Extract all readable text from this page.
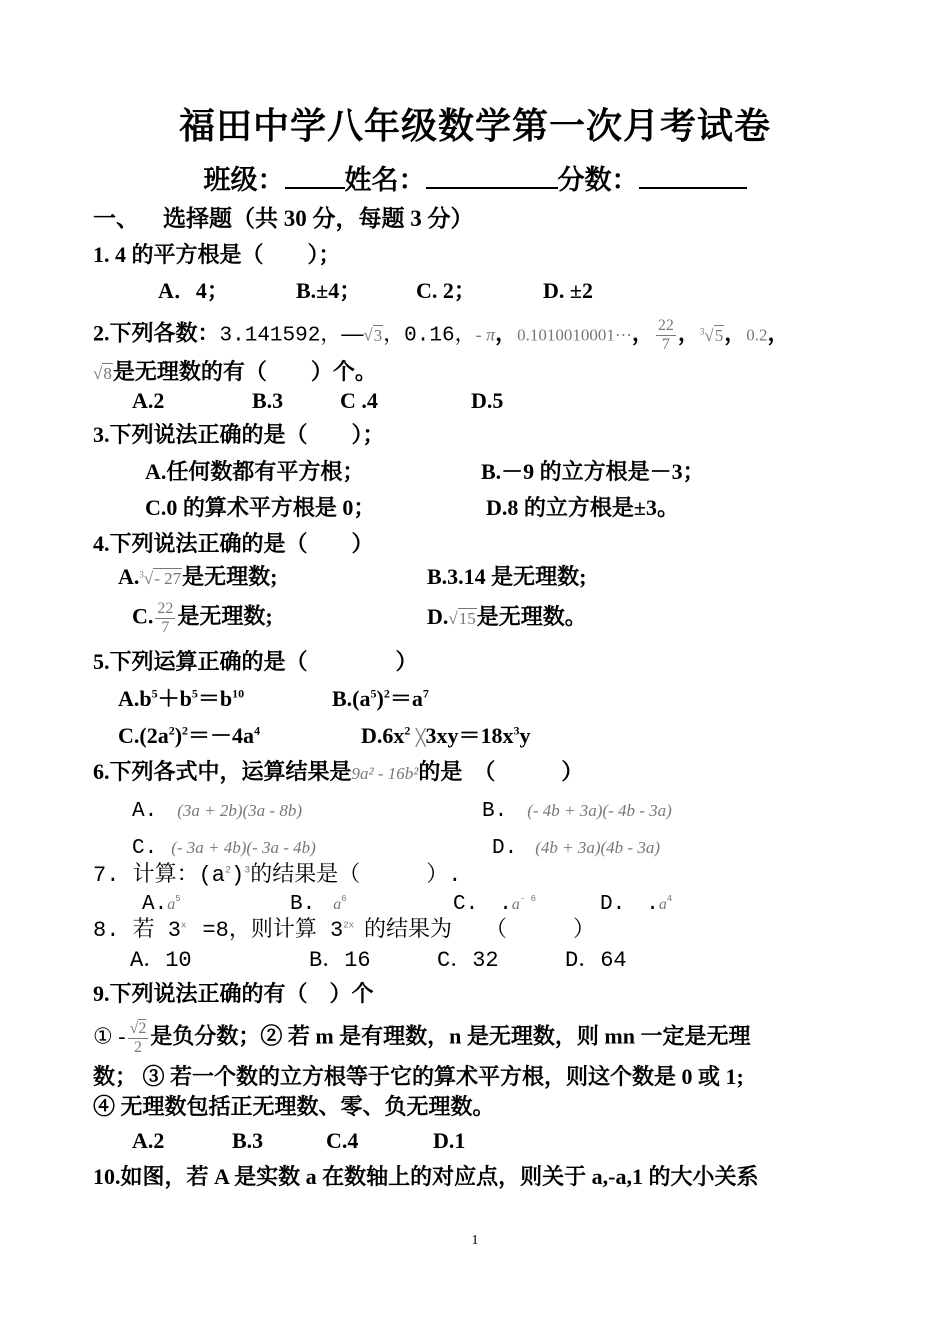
福田中学八年级数学第一次月考试卷
班级： 姓名：	分数：
一、 选择题（共 30 分，每题 3 分）
1. 4 的平方根是（　　）；
A．4；	B.±4； C. 2；	D. ±2
2.下列各数：3.141592，—√3，0.16，- π，0.1010010001···， $\frac{22}{7}$ ，$^3$√5，0.2，
√8是无理数的有（　　）个。
A.2	B.3	C .4	D.5
3.下列说法正确的是（　　）；
A.任何数都有平方根；	B.－9 的立方根是－3；
C.0 的算术平方根是 0；	D.8 的立方根是±3。
4.下列说法正确的是（　　）
A.$^3$√- 27是无理数;	B.3.14 是无理数;
C. $\frac{22}{7}$ 是无理数;	D.√15是无理数。
5.下列运算正确的是（　　　　）
$A.b^5+b^5=b^{10}$	$B.(a^5)^2=a^7$
$C.(2a^2)^2=-4a^4$	$D.6x^2$ $╳3xy=18x^3y$
6.下列各式中，运算结果是9a² - 16b²的是　（　　　）
A. (3a + 2b)(3a - 8b)	B. (- 4b + 3a)(- 4b - 3a)
C. (- 3a + 4b)(- 3a - 4b)	D. (4b + 3a)(4b - 3a)
7. 计算：$(a^2)^3$的结果是（　　　）.
$A.a^5$	B. $a^6$	C.　$.a^{- 6}$	D.　$.a^4$
8. 若 $3^x =8$，则计算 $3^{2x}$ 的结果为　　（　　　）
A．10	B．16	C．32	D．64
9.下列说法正确的有（　）个
① - $\frac{√2}{2}$ 是负分数；② 若 m 是有理数，n 是无理数，则 mn 一定是无理
数； ③ 若一个数的立方根等于它的算术平方根，则这个数是 0 或 1;
④ 无理数包括正无理数、零、负无理数。
A.2	B.3	C.4	D.1
10.如图，若 A 是实数 a 在数轴上的对应点，则关于 a,-a,1 的大小关系
1
